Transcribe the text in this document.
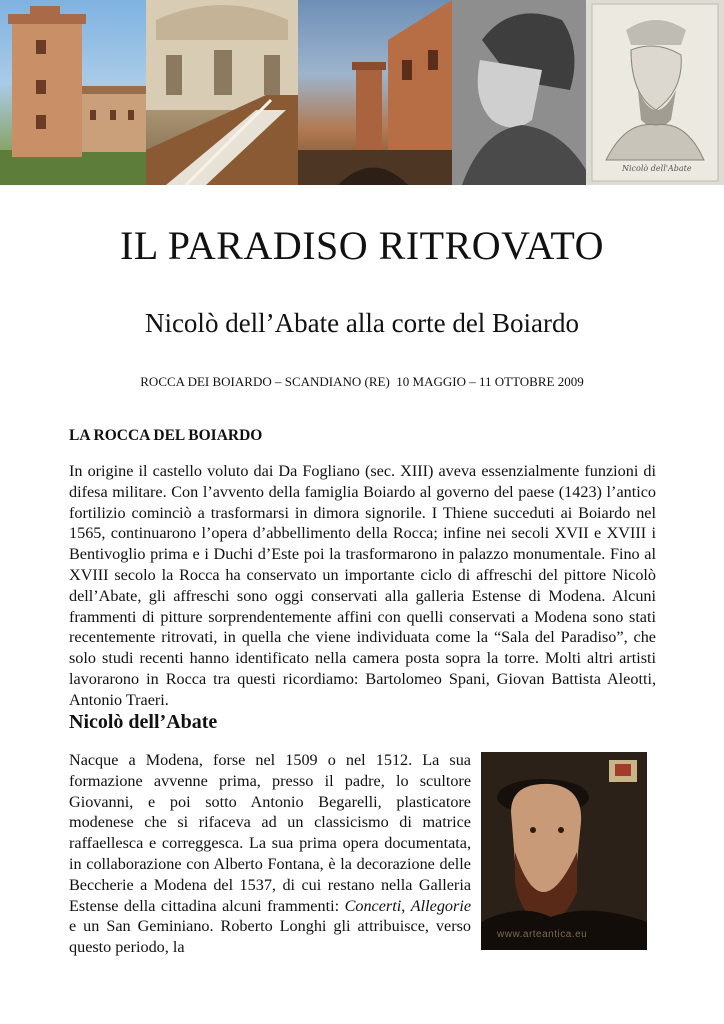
Nicolò dell'Abate
IL PARADISO RITROVATO
Nicolò dell’Abate alla corte del Boiardo

ROCCA DEI BOIARDO – SCANDIANO (RE)  10 MAGGIO – 11 OTTOBRE 2009

LA ROCCA DEL BOIARDO

In origine il castello voluto dai Da Fogliano (sec. XIII) aveva essenzialmente funzioni di difesa militare. Con l’avvento della famiglia Boiardo al governo del paese (1423) l’antico fortilizio cominciò a trasformarsi in dimora signorile. I Thiene succeduti ai Boiardo nel 1565, continuarono l’opera d’abbellimento della Rocca; infine nei secoli XVII e XVIII i Bentivoglio prima e i Duchi d’Este poi la trasformarono in palazzo monumentale. Fino al XVIII secolo la Rocca ha conservato un importante ciclo di affreschi del pittore Nicolò dell’Abate, gli affreschi sono oggi conservati alla galleria Estense di Modena. Alcuni frammenti di pitture sorprendentemente affini con quelli conservati a Modena sono stati recentemente ritrovati, in quella che viene individuata come la “Sala del Paradiso”, che solo studi recenti hanno identificato nella camera posta sopra la torre. Molti altri artisti lavorarono in Rocca tra questi ricordiamo: Bartolomeo Spani, Giovan Battista Aleotti, Antonio Traeri.

Nicolò dell’Abate

Nacque a Modena, forse nel 1509 o nel 1512. La sua formazione avvenne prima, presso il padre, lo scultore Giovanni, e poi sotto Antonio Begarelli, plasticatore modenese che si rifaceva ad un classicismo di matrice raffaellesca e correggesca. La sua prima opera documentata, in collaborazione con Alberto Fontana, è la decorazione delle Beccherie a Modena del 1537, di cui restano nella Galleria Estense della cittadina alcuni frammenti: Concerti, Allegorie e un San Geminiano. Roberto Longhi gli attribuisce, verso questo periodo, la

www.arteantica.eu
